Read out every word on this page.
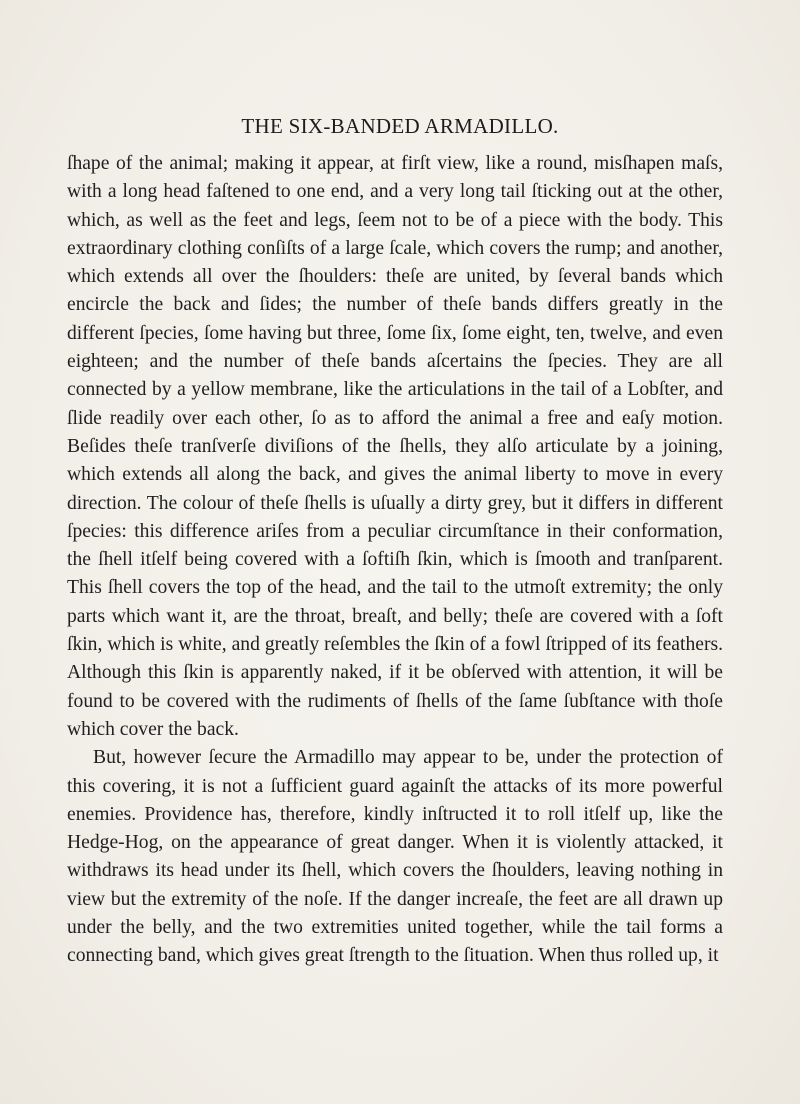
THE SIX-BANDED ARMADILLO.

ſhape of the animal; making it appear, at firſt view, like a round, misſhapen maſs, with a long head faſtened to one end, and a very long tail ſticking out at the other, which, as well as the feet and legs, ſeem not to be of a piece with the body. This extraordinary clothing conſiſts of a large ſcale, which covers the rump; and another, which extends all over the ſhoulders: theſe are united, by ſeveral bands which encircle the back and ſides; the number of theſe bands differs greatly in the different ſpecies, ſome having but three, ſome ſix, ſome eight, ten, twelve, and even eighteen; and the number of theſe bands aſcertains the ſpecies. They are all connected by a yellow membrane, like the articulations in the tail of a Lobſter, and ſlide readily over each other, ſo as to afford the animal a free and eaſy motion. Beſides theſe tranſverſe diviſions of the ſhells, they alſo articulate by a joining, which extends all along the back, and gives the animal liberty to move in every direction. The colour of theſe ſhells is uſually a dirty grey, but it differs in different ſpecies: this difference ariſes from a peculiar circumſtance in their conformation, the ſhell itſelf being covered with a ſoftiſh ſkin, which is ſmooth and tranſparent. This ſhell covers the top of the head, and the tail to the utmoſt extremity; the only parts which want it, are the throat, breaſt, and belly; theſe are covered with a ſoft ſkin, which is white, and greatly reſembles the ſkin of a fowl ſtripped of its feathers. Although this ſkin is apparently naked, if it be obſerved with attention, it will be found to be covered with the rudiments of ſhells of the ſame ſubſtance with thoſe which cover the back.

But, however ſecure the Armadillo may appear to be, under the protection of this covering, it is not a ſufficient guard againſt the attacks of its more powerful enemies. Providence has, therefore, kindly inſtructed it to roll itſelf up, like the Hedge-Hog, on the appearance of great danger. When it is violently attacked, it withdraws its head under its ſhell, which covers the ſhoulders, leaving nothing in view but the extremity of the noſe. If the danger increaſe, the feet are all drawn up under the belly, and the two extremities united together, while the tail forms a connecting band, which gives great ſtrength to the ſituation. When thus rolled up, it
